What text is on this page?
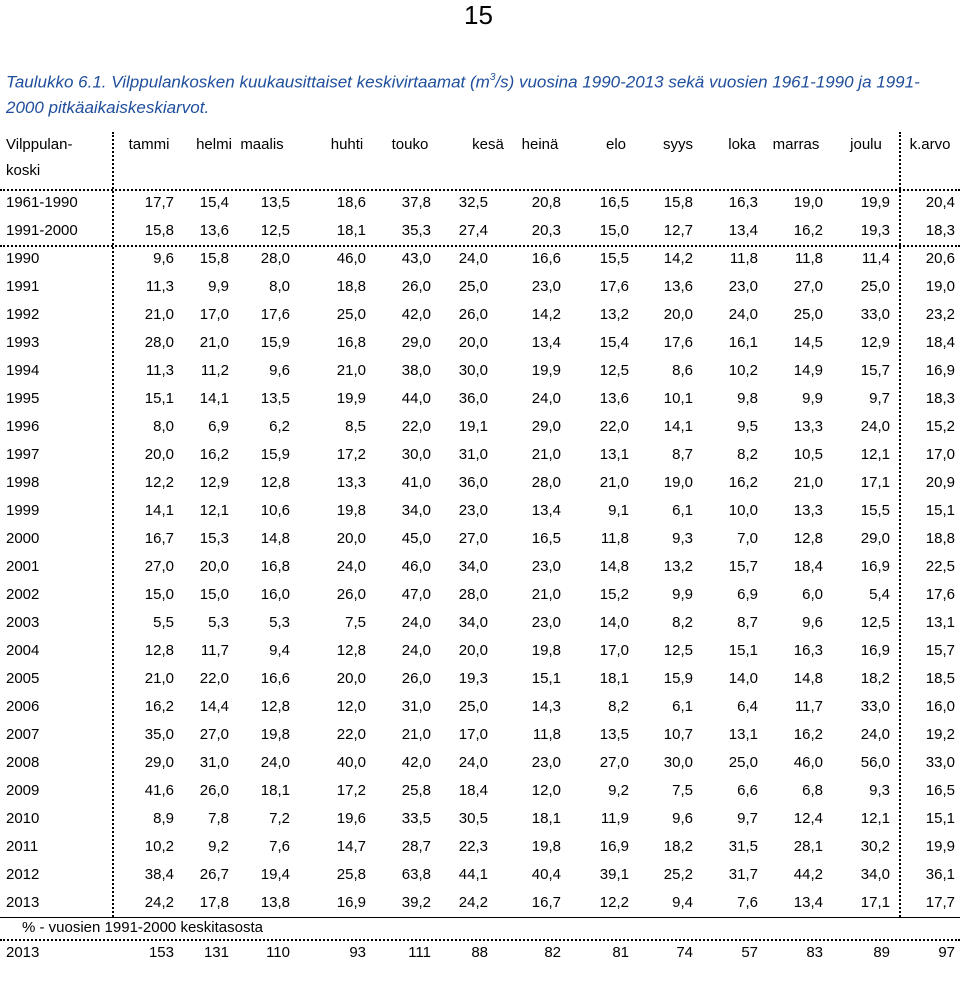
15
Taulukko 6.1. Vilppulankosken kuukausittaiset keskivirtaamat $(m^3/s)$ vuosina 1990-2013 sekä vuosien 1961-1990 ja 1991-2000 pitkäaikaiskeskiarvot.
Vilppulan-
koski
tammi	helmi maalis	huhti	touko	kesä	heinä	elo	syys	loka	marras	joulu	k.arvo
1961-1990	17,7	15,4	13,5	18,6	37,8	32,5	20,8	16,5	15,8	16,3	19,0	19,9	20,4
1991-2000	15,8	13,6	12,5	18,1	35,3	27,4	20,3	15,0	12,7	13,4	16,2	19,3	18,3
1990	9,6	15,8	28,0	46,0	43,0	24,0	16,6	15,5	14,2	11,8	11,8	11,4	20,6
1991	11,3	9,9	8,0	18,8	26,0	25,0	23,0	17,6	13,6	23,0	27,0	25,0	19,0
1992	21,0	17,0	17,6	25,0	42,0	26,0	14,2	13,2	20,0	24,0	25,0	33,0	23,2
1993	28,0	21,0	15,9	16,8	29,0	20,0	13,4	15,4	17,6	16,1	14,5	12,9	18,4
1994	11,3	11,2	9,6	21,0	38,0	30,0	19,9	12,5	8,6	10,2	14,9	15,7	16,9
1995	15,1	14,1	13,5	19,9	44,0	36,0	24,0	13,6	10,1	9,8	9,9	9,7	18,3
1996	8,0	6,9	6,2	8,5	22,0	19,1	29,0	22,0	14,1	9,5	13,3	24,0	15,2
1997	20,0	16,2	15,9	17,2	30,0	31,0	21,0	13,1	8,7	8,2	10,5	12,1	17,0
1998	12,2	12,9	12,8	13,3	41,0	36,0	28,0	21,0	19,0	16,2	21,0	17,1	20,9
1999	14,1	12,1	10,6	19,8	34,0	23,0	13,4	9,1	6,1	10,0	13,3	15,5	15,1
2000	16,7	15,3	14,8	20,0	45,0	27,0	16,5	11,8	9,3	7,0	12,8	29,0	18,8
2001	27,0	20,0	16,8	24,0	46,0	34,0	23,0	14,8	13,2	15,7	18,4	16,9	22,5
2002	15,0	15,0	16,0	26,0	47,0	28,0	21,0	15,2	9,9	6,9	6,0	5,4	17,6
2003	5,5	5,3	5,3	7,5	24,0	34,0	23,0	14,0	8,2	8,7	9,6	12,5	13,1
2004	12,8	11,7	9,4	12,8	24,0	20,0	19,8	17,0	12,5	15,1	16,3	16,9	15,7
2005	21,0	22,0	16,6	20,0	26,0	19,3	15,1	18,1	15,9	14,0	14,8	18,2	18,5
2006	16,2	14,4	12,8	12,0	31,0	25,0	14,3	8,2	6,1	6,4	11,7	33,0	16,0
2007	35,0	27,0	19,8	22,0	21,0	17,0	11,8	13,5	10,7	13,1	16,2	24,0	19,2
2008	29,0	31,0	24,0	40,0	42,0	24,0	23,0	27,0	30,0	25,0	46,0	56,0	33,0
2009	41,6	26,0	18,1	17,2	25,8	18,4	12,0	9,2	7,5	6,6	6,8	9,3	16,5
2010	8,9	7,8	7,2	19,6	33,5	30,5	18,1	11,9	9,6	9,7	12,4	12,1	15,1
2011	10,2	9,2	7,6	14,7	28,7	22,3	19,8	16,9	18,2	31,5	28,1	30,2	19,9
2012	38,4	26,7	19,4	25,8	63,8	44,1	40,4	39,1	25,2	31,7	44,2	34,0	36,1
2013	24,2	17,8	13,8	16,9	39,2	24,2	16,7	12,2	9,4	7,6	13,4	17,1	17,7
% - vuosien 1991-2000 keskitasosta
2013	153	131	110	93	111	88	82	81	74	57	83	89	97
